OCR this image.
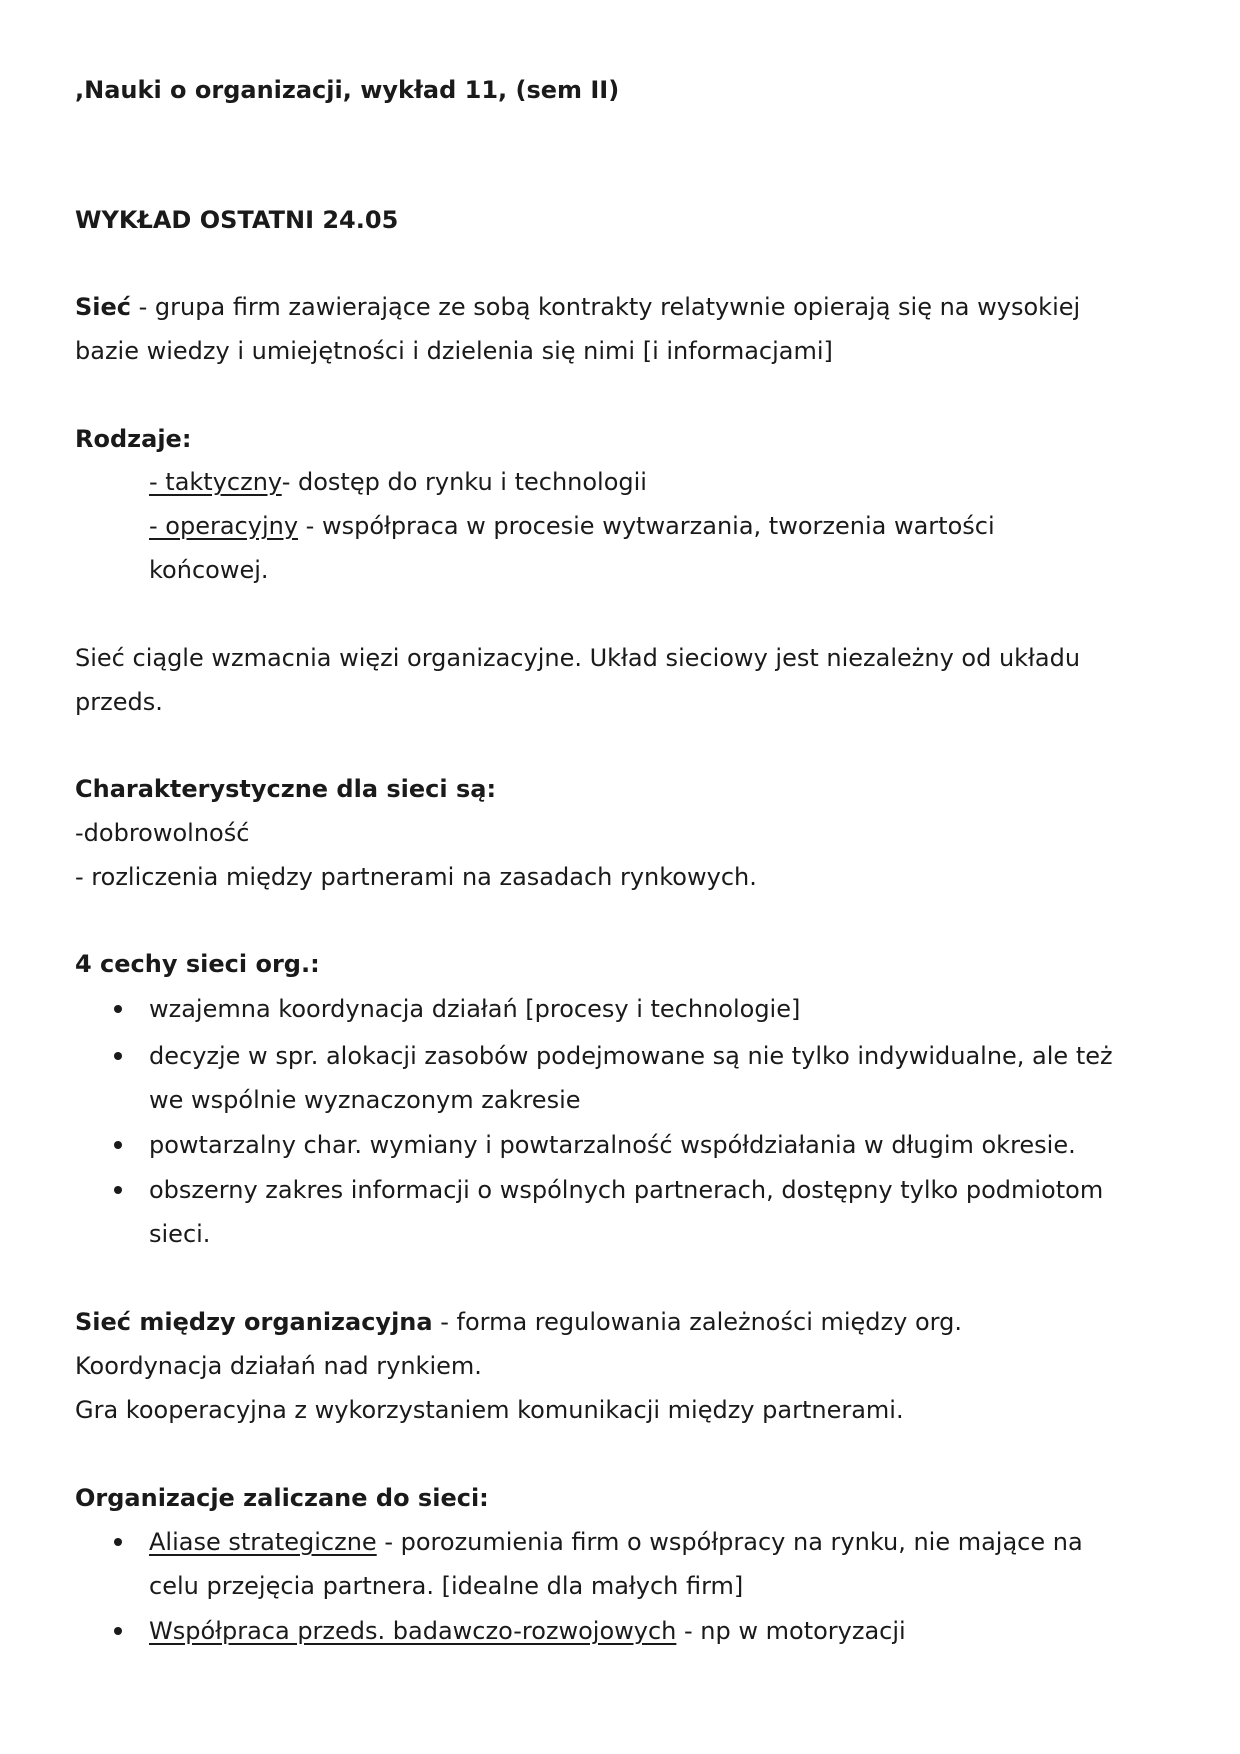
,Nauki o organizacji, wykład 11, (sem II)
WYKŁAD OSTATNI 24.05
Sieć - grupa firm zawierające ze sobą kontrakty relatywnie opierają się na wysokiej
bazie wiedzy i umiejętności i dzielenia się nimi [i informacjami]
Rodzaje:
- taktyczny- dostęp do rynku i technologii
- operacyjny - współpraca w procesie wytwarzania, tworzenia wartości
końcowej.
Sieć ciągle wzmacnia więzi organizacyjne. Układ sieciowy jest niezależny od układu
przeds.
Charakterystyczne dla sieci są:
-dobrowolność
- rozliczenia między partnerami na zasadach rynkowych.
4 cechy sieci org.:
wzajemna koordynacja działań [procesy i technologie]
decyzje w spr. alokacji zasobów podejmowane są nie tylko indywidualne, ale też
we wspólnie wyznaczonym zakresie
powtarzalny char. wymiany i powtarzalność współdziałania w długim okresie.
obszerny zakres informacji o wspólnych partnerach, dostępny tylko podmiotom
sieci.
Sieć między organizacyjna - forma regulowania zależności między org.
Koordynacja działań nad rynkiem.
Gra kooperacyjna z wykorzystaniem komunikacji między partnerami.
Organizacje zaliczane do sieci:
Aliase strategiczne - porozumienia firm o współpracy na rynku, nie mające na
celu przejęcia partnera. [idealne dla małych firm]
Współpraca przeds. badawczo-rozwojowych - np w motoryzacji
